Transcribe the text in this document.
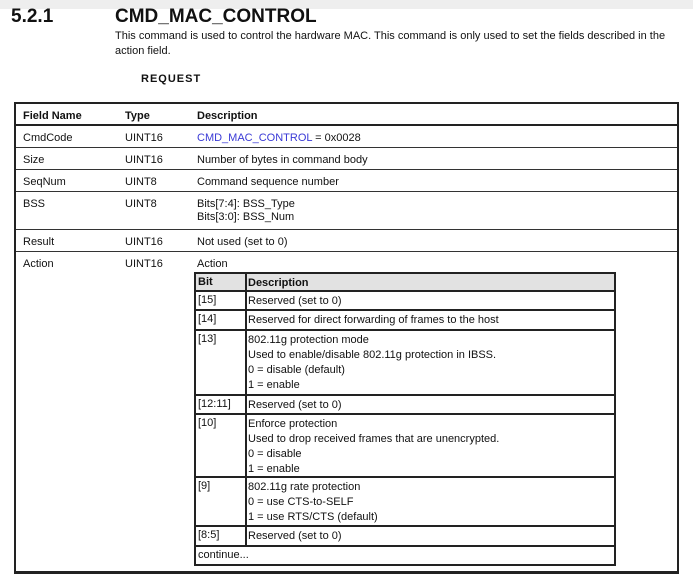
5.2.1	CMD_MAC_CONTROL
This command is used to control the hardware MAC. This command is only used to set the fields described in the action field.
REQUEST
Field Name	Type	Description
CmdCode	UINT16	CMD_MAC_CONTROL = 0x0028
Size	UINT16	Number of bytes in command body
SeqNum	UINT8	Command sequence number
BSS	UINT8	Bits[7:4]: BSS_Type
Bits[3:0]: BSS_Num
Result	UINT16	Not used (set to 0)
Action	UINT16	Action
Bit	Description
[15]	Reserved (set to 0)
[14]	Reserved for direct forwarding of frames to the host
[13]	802.11g protection mode
Used to enable/disable 802.11g protection in IBSS.
0 = disable (default)
1 = enable
[12:11] Reserved (set to 0)
[10]	Enforce protection
Used to drop received frames that are unencrypted.
0 = disable
1 = enable
[9]	802.11g rate protection
0 = use CTS-to-SELF
1 = use RTS/CTS (default)
[8:5]	Reserved (set to 0)
continue...
